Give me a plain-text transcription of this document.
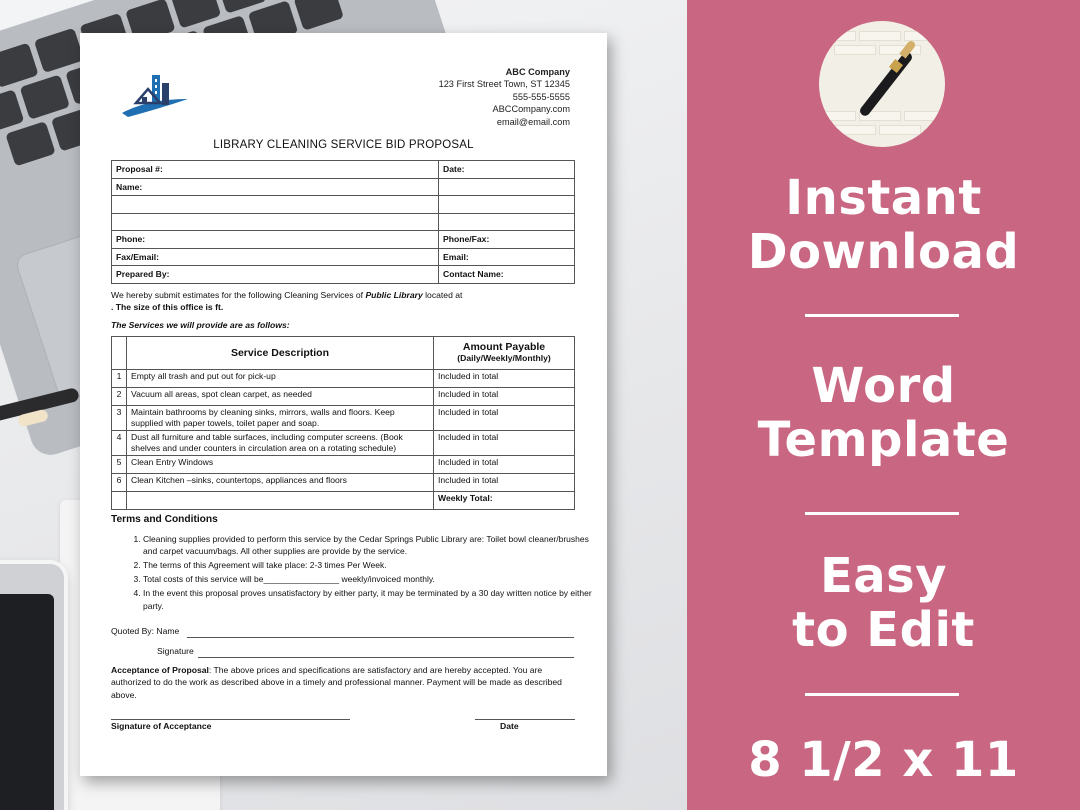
ABC Company
123 First Street Town, ST 12345
555-555-5555
ABCCompany.com
email@email.com
LIBRARY CLEANING SERVICE BID PROPOSAL
Proposal #:	Date:
Name:	

Phone:	Phone/Fax:
Fax/Email:	Email:
Prepared By:	Contact Name:
We hereby submit estimates for the following Cleaning Services of Public Library located at
. The size of this office is ft.
The Services we will provide are as follows:
	Service Description	Amount Payable
(Daily/Weekly/Monthly)

1	Empty all trash and put out for pick-up	Included in total
2	Vacuum all areas, spot clean carpet, as needed	Included in total
3	Maintain bathrooms by cleaning sinks, mirrors, walls and floors. Keep supplied with paper towels, toilet paper and soap.	Included in total
4	Dust all furniture and table surfaces, including computer screens. (Book shelves and under counters in circulation area on a rotating schedule)	Included in total
5	Clean Entry Windows	Included in total
6	Clean Kitchen –sinks, countertops, appliances and floors	Included in total
		Weekly Total:
Terms and Conditions
1. Cleaning supplies provided to perform this service by the Cedar Springs Public Library are: Toilet bowl cleaner/brushes and carpet vacuum/bags. All other supplies are provide by the service.
2. The terms of this Agreement will take place: 2-3 times Per Week.
3. Total costs of this service will be________________ weekly/invoiced monthly.
4. In the event this proposal proves unsatisfactory by either party, it may be terminated by a 30 day written notice by either party.
Quoted By: Name
Signature
Acceptance of Proposal: The above prices and specifications are satisfactory and are hereby accepted. You are authorized to do the work as described above in a timely and professional manner. Payment will be made as described above.
Signature of Acceptance	Date
Instant
Download
Word
Template
Easy
to Edit
8 1/2 x 11
